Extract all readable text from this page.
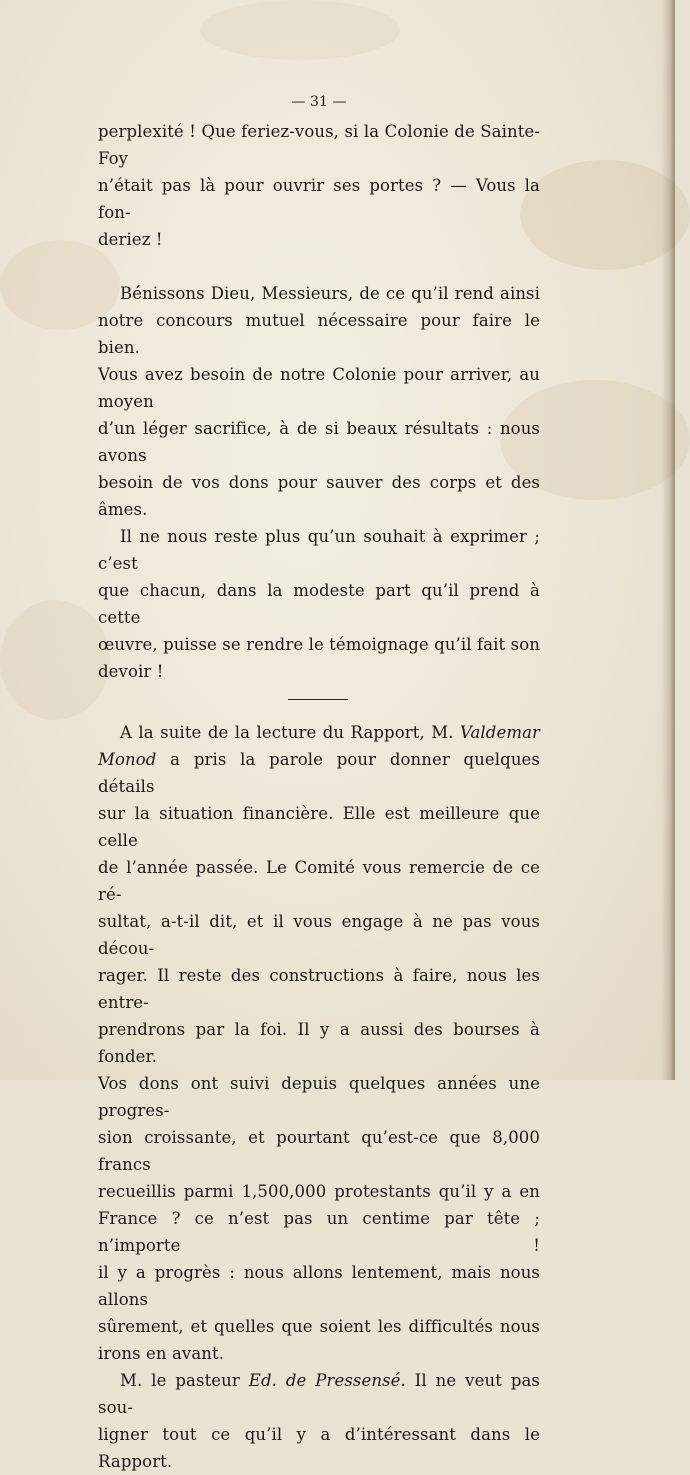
— 31 —

perplexité ! Que feriez-vous, si la Colonie de Sainte-Foy
n’était pas là pour ouvrir ses portes ? — Vous la fon-
deriez !

Bénissons Dieu, Messieurs, de ce qu’il rend ainsi
notre concours mutuel nécessaire pour faire le bien.
Vous avez besoin de notre Colonie pour arriver, au moyen
d’un léger sacrifice, à de si beaux résultats : nous avons
besoin de vos dons pour sauver des corps et des âmes.
Il ne nous reste plus qu’un souhait à exprimer ; c’est
que chacun, dans la modeste part qu’il prend à cette
œuvre, puisse se rendre le témoignage qu’il fait son
devoir !
A la suite de la lecture du Rapport, M. Valdemar
Monod a pris la parole pour donner quelques détails
sur la situation financière. Elle est meilleure que celle
de l’année passée. Le Comité vous remercie de ce ré-
sultat, a-t-il dit, et il vous engage à ne pas vous décou-
rager. Il reste des constructions à faire, nous les entre-
prendrons par la foi. Il y a aussi des bourses à fonder.
Vos dons ont suivi depuis quelques années une progres-
sion croissante, et pourtant qu’est-ce que 8,000 francs
recueillis parmi 1,500,000 protestants qu’il y a en
France ? ce n’est pas un centime par tête ; n’importe !
il y a progrès : nous allons lentement, mais nous allons
sûrement, et quelles que soient les difficultés nous
irons en avant.
M. le pasteur Ed. de Pressensé. Il ne veut pas sou-
ligner tout ce qu’il y a d’intéressant dans le Rapport.
